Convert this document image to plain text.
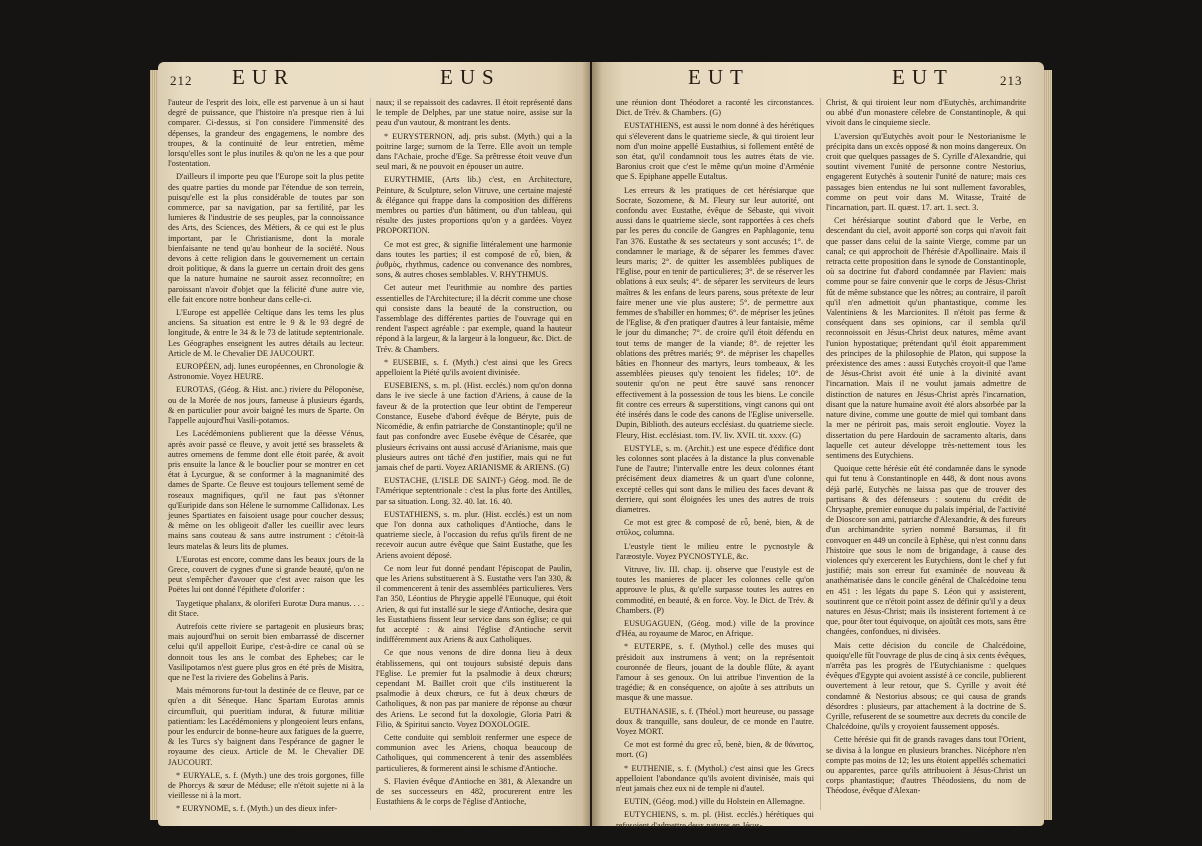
212 EUR	EUS

l'auteur de l'esprit des loix, elle est parvenue à un si haut degré de puissance, que l'histoire n'a presque rien à lui comparer. Ci-dessus, si l'on considere l'immensité des dépenses, la grandeur des engagemens, le nombre des troupes, & la continuité de leur entretien, même lorsqu'elles sont le plus inutiles & qu'on ne les a que pour l'ostentation.

D'ailleurs il importe peu que l'Europe soit la plus petite des quatre parties du monde par l'étendue de son terrein, puisqu'elle est la plus considérable de toutes par son commerce, par sa navigation, par sa fertilité, par les lumieres & l'industrie de ses peuples, par la connoissance des Arts, des Sciences, des Métiers, & ce qui est le plus important, par le Christianisme, dont la morale bienfaisante ne tend qu'au bonheur de la société. Nous devons à cette religion dans le gouvernement un certain droit politique, & dans la guerre un certain droit des gens que la nature humaine ne sauroit assez reconnoître; en paroissant n'avoir d'objet que la félicité d'une autre vie, elle fait encore notre bonheur dans celle-ci.

L'Europe est appellée Celtique dans les tems les plus anciens. Sa situation est entre le 9 & le 93 degré de longitude, & entre le 34 & le 73 de latitude septentrionale. Les Géographes enseignent les autres détails au lecteur. Article de M. le Chevalier DE JAUCOURT.

EUROPÉEN, adj. lunes européennes, en Chronologie & Astronomie. Voyez HEURE.

EUROTAS, (Géog. & Hist. anc.) riviere du Péloponèse, ou de la Morée de nos jours, fameuse à plusieurs égards, & en particulier pour avoir baigné les murs de Sparte. On l'appelle aujourd'hui Vasili-potamos.

Les Lacédémoniens publierent que la déesse Vénus, après avoir passé ce fleuve, y avoit jetté ses brasselets & autres ornemens de femme dont elle étoit parée, & avoit pris ensuite la lance & le bouclier pour se montrer en cet état à Lycurgue, & se conformer à la magnanimité des dames de Sparte. Ce fleuve est toujours tellement semé de roseaux magnifiques, qu'il ne faut pas s'étonner qu'Euripide dans son Hélene le surnomme Callidonax. Les jeunes Spartiates en faisoient usage pour coucher dessus; & même on les obligeoit d'aller les cueillir avec leurs mains sans couteau & sans autre instrument : c'étoit-là leurs matelas & leurs lits de plumes.

L'Eurotas est encore, comme dans les beaux jours de la Grece, couvert de cygnes d'une si grande beauté, qu'on ne peut s'empêcher d'avouer que c'est avec raison que les Poëtes lui ont donné l'épithete d'olorifer :

Taygetique phalanx, & oloriferi Eurotæ Dura manus. . . . dit Stace.

Autrefois cette riviere se partageoit en plusieurs bras; mais aujourd'hui on seroit bien embarrassé de discerner celui qu'il appelloit Euripe, c'est-à-dire ce canal où se donnoit tous les ans le combat des Ephebes; car le Vasilipotamos n'est guere plus gros en été près de Misitra, que ne l'est la riviere des Gobelins à Paris.

Mais mémorons fur-tout la destinée de ce fleuve, par ce qu'en a dit Séneque. Hanc Spartam Eurotas amnis circumfluit, qui pueritiam indurat, & futuræ militiæ patientiam: les Lacédémoniens y plongeoient leurs enfans, pour les endurcir de bonne-heure aux fatigues de la guerre, & les Turcs s'y baignent dans l'espérance de gagner le royaume des cieux. Article de M. le Chevalier DE JAUCOURT.

* EURYALE, s. f. (Myth.) une des trois gorgones, fille de Phorcys & sœur de Méduse; elle n'étoit sujette ni à la vieillesse ni à la mort.

* EURYNOME, s. f. (Myth.) un des dieux infer-

naux; il se repaissoit des cadavres. Il étoit représenté dans le temple de Delphes, par une statue noire, assise sur la peau d'un vautour, & montrant les dents.

* EURYSTERNON, adj. pris subst. (Myth.) qui a la poitrine large; surnom de la Terre. Elle avoit un temple dans l'Achaie, proche d'Ege. Sa prêtresse étoit veuve d'un seul mari, & ne pouvoit en épouser un autre.

EURYTHMIE, (Arts lib.) c'est, en Architecture, Peinture, & Sculpture, selon Vitruve, une certaine majesté & élégance qui frappe dans la composition des différens membres ou parties d'un bâtiment, ou d'un tableau, qui résulte des justes proportions qu'on y a gardées. Voyez PROPORTION.

Ce mot est grec, & signifie littéralement une harmonie dans toutes les parties; il est composé de εὖ, bien, & ῥυθμὸς, rhythmus, cadence ou convenance des nombres, sons, & autres choses semblables. V. RHYTHMUS.

Cet auteur met l'eurithmie au nombre des parties essentielles de l'Architecture; il la décrit comme une chose qui consiste dans la beauté de la construction, ou l'assemblage des différentes parties de l'ouvrage qui en rendent l'aspect agréable : par exemple, quand la hauteur répond à la largeur, & la largeur à la longueur, &c. Dict. de Trév. & Chambers.

* EUSEBIE, s. f. (Myth.) c'est ainsi que les Grecs appelloient la Piété qu'ils avoient divinisée.

EUSEBIENS, s. m. pl. (Hist. ecclés.) nom qu'on donna dans le ive siecle à une faction d'Ariens, à cause de la faveur & de la protection que leur obtint de l'empereur Constance, Eusebe d'abord évêque de Béryte, puis de Nicomédie, & enfin patriarche de Constantinople; qu'il ne faut pas confondre avec Eusebe évêque de Césarée, que plusieurs écrivains ont aussi accusé d'Arianisme, mais que plusieurs autres ont tâché d'en justifier, mais qui ne fut jamais chef de parti. Voyez ARIANISME & ARIENS. (G)

EUSTACHE, (L'ISLE DE SAINT-) Géog. mod. île de l'Amérique septentrionale : c'est la plus forte des Antilles, par sa situation. Long. 32. 40. lat. 16. 40.

EUSTATHIENS, s. m. plur. (Hist. ecclés.) est un nom que l'on donna aux catholiques d'Antioche, dans le quatrieme siecle, à l'occasion du refus qu'ils firent de ne recevoir aucun autre évêque que Saint Eustathe, que les Ariens avoient déposé.

Ce nom leur fut donné pendant l'épiscopat de Paulin, que les Ariens substituerent à S. Eustathe vers l'an 330, & il commencerent à tenir des assemblées particulieres. Vers l'an 350, Léontius de Phrygie appellé l'Eunuque, qui étoit Arien, & qui fut installé sur le siege d'Antioche, desira que les Eustathiens fissent leur service dans son église; ce qui fut accepté : & ainsi l'église d'Antioche servit indifféremment aux Ariens & aux Catholiques.

Ce que nous venons de dire donna lieu à deux établissemens, qui ont toujours subsisté depuis dans l'Eglise. Le premier fut la psalmodie à deux chœurs; cependant M. Baillet croit que c'ils instituerent la psalmodie à deux chœurs, ce fut à deux chœurs de Catholiques, & non pas par maniere de réponse au chœur des Ariens. Le second fut la doxologie, Gloria Patri & Filio, & Spiritui sancto. Voyez DOXOLOGIE.

Cette conduite qui sembloit renfermer une espece de communion avec les Ariens, choqua beaucoup de Catholiques, qui commencerent à tenir des assemblées particulieres, & formerent ainsi le schisme d'Antioche.

S. Flavien évêque d'Antioche en 381, & Alexandre un de ses successeurs en 482, procurerent entre les Eustathiens & le corps de l'église d'Antioche,

EUT	EUT	213

une réunion dont Théodoret a raconté les circonstances. Dict. de Trév. & Chambers. (G)

EUSTATHIENS, est aussi le nom donné à des hérétiques qui s'éleverent dans le quatrieme siecle, & qui tiroient leur nom d'un moine appellé Eustathius, si follement entêté de son état, qu'il condamnoit tous les autres états de vie. Baronius croit que c'est le même qu'un moine d'Arménie que S. Epiphane appelle Eutaltus.

Les erreurs & les pratiques de cet hérésiarque que Socrate, Sozomene, & M. Fleury sur leur autorité, ont confondu avec Eustathe, évêque de Sébaste, qui vivoit aussi dans le quatrieme siecle, sont rapportées à ces chefs par les peres du concile de Gangres en Paphlagonie, tenu l'an 376. Eustathe & ses sectateurs y sont accusés; 1°. de condamner le mariage, & de séparer les femmes d'avec leurs maris; 2°. de quitter les assemblées publiques de l'Eglise, pour en tenir de particulieres; 3°. de se réserver les oblations à eux seuls; 4°. de séparer les serviteurs de leurs maîtres & les enfans de leurs parens, sous prétexte de leur faire mener une vie plus austere; 5°. de permettre aux femmes de s'habiller en hommes; 6°. de mépriser les jeûnes de l'Eglise, & d'en pratiquer d'autres à leur fantaisie, même le jour du dimanche; 7°. de croire qu'il étoit défendu en tout tems de manger de la viande; 8°. de rejetter les oblations des prêtres mariés; 9°. de mépriser les chapelles bâties en l'honneur des martyrs, leurs tombeaux, & les assemblées pieuses qu'y tenoient les fideles; 10°. de soutenir qu'on ne peut être sauvé sans renoncer effectivement à la possession de tous les biens. Le concile fit contre ces erreurs & superstitions, vingt canons qui ont été insérés dans le code des canons de l'Eglise universelle. Dupin, Biblioth. des auteurs ecclésiast. du quatrieme siecle. Fleury, Hist. ecclésiast. tom. IV. liv. XVII. tit. xxxv. (G)

EUSTYLE, s. m. (Archit.) est une espece d'édifice dont les colonnes sont placées à la distance la plus convenable l'une de l'autre; l'intervalle entre les deux colonnes étant précisément deux diametres & un quart d'une colonne, excepté celles qui sont dans le milieu des faces devant & derriere, qui sont éloignées les unes des autres de trois diametres.

Ce mot est grec & composé de εὖ, benè, bien, & de στῦλος, columna.

L'eustyle tient le milieu entre le pycnostyle & l'aræostyle. Voyez PYCNOSTYLE, &c.

Vitruve, liv. III. chap. ij. observe que l'eustyle est de toutes les manieres de placer les colonnes celle qu'on approuve le plus, & qu'elle surpasse toutes les autres en commodité, en beauté, & en force. Voy. le Dict. de Trév. & Chambers. (P)

EUSUGAGUEN, (Géog. mod.) ville de la province d'Héa, au royaume de Maroc, en Afrique.

* EUTERPE, s. f. (Mythol.) celle des muses qui présidoit aux instrumens à vent; on la représentoit couronnée de fleurs, jouant de la double flûte, & ayant l'amour à ses genoux. On lui attribue l'invention de la tragédie; & en conséquence, on ajoûte à ses attributs un masque & une massue.

EUTHANASIE, s. f. (Théol.) mort heureuse, ou passage doux & tranquille, sans douleur, de ce monde en l'autre. Voyez MORT.

Ce mot est formé du grec εὖ, benè, bien, & de θάνατος, mort. (G)

* EUTHENIE, s. f. (Mythol.) c'est ainsi que les Grecs appelloient l'abondance qu'ils avoient divinisée, mais qui n'eut jamais chez eux ni de temple ni d'autel.

EUTIN, (Géog. mod.) ville du Holstein en Allemagne.

EUTYCHIENS, s. m. pl. (Hist. ecclés.) hérétiques qui refusoient d'admettre deux natures en Jésus-

Christ, & qui tiroient leur nom d'Eutychès, archimandrite ou abbé d'un monastere célebre de Constantinople, & qui vivoit dans le cinquieme siecle.

L'aversion qu'Eutychès avoit pour le Nestorianisme le précipita dans un excès opposé & non moins dangereux. On croit que quelques passages de S. Cyrille d'Alexandrie, qui soutint vivement l'unité de personne contre Nestorius, engagerent Eutychès à soutenir l'unité de nature; mais ces passages bien entendus ne lui sont nullement favorables, comme on peut voir dans M. Witasse, Traité de l'incarnation, part. II. quæst. 17. art. 1. sect. 3.

Cet hérésiarque soutint d'abord que le Verbe, en descendant du ciel, avoit apporté son corps qui n'avoit fait que passer dans celui de la sainte Vierge, comme par un canal; ce qui approchoit de l'hérésie d'Apollinaire. Mais il retracta cette proposition dans le synode de Constantinople, où sa doctrine fut d'abord condamnée par Flavien: mais comme pour se faire convenir que le corps de Jésus-Christ fût de même substance que les nôtres; au contraire, il paroît qu'il n'en admettoit qu'un phantastique, comme les Valentiniens & les Marcionites. Il n'étoit pas ferme & conséquent dans ses opinions, car il sembla qu'il reconnoissoit en Jésus-Christ deux natures, même avant l'union hypostatique; prétendant qu'il étoit apparemment des principes de la philosophie de Platon, qui suppose la préexistence des ames : aussi Eutychès croyoit-il que l'ame de Jésus-Christ avoit été unie à la divinité avant l'incarnation. Mais il ne voulut jamais admettre de distinction de natures en Jésus-Christ après l'incarnation, disant que la nature humaine avoit été alors absorbée par la nature divine, comme une goutte de miel qui tombant dans la mer ne périroit pas, mais seroit engloutie. Voyez la dissertation du pere Hardouin de sacramento altaris, dans laquelle cet auteur développe très-nettement tous les sentimens des Eutychiens.

Quoique cette hérésie eût été condamnée dans le synode qui fut tenu à Constantinople en 448, & dont nous avons déjà parlé, Eutychès ne laissa pas que de trouver des partisans & des défenseurs : soutenu du crédit de Chrysaphe, premier eunuque du palais impérial, de l'activité de Dioscore son ami, patriarche d'Alexandrie, & des fureurs d'un archimandrite syrien nommé Barsumas, il fit convoquer en 449 un concile à Ephèse, qui n'est connu dans l'histoire que sous le nom de brigandage, à cause des violences qu'y exercerent les Eutychiens, dont le chef y fut justifié; mais son erreur fut examinée de nouveau & anathématisée dans le concile général de Chalcédoine tenu en 451 : les légats du pape S. Léon qui y assisterent, soutinrent que ce n'étoit point assez de définir qu'il y a deux natures en Jésus-Christ; mais ils insisterent fortement à ce que, pour ôter tout équivoque, on ajoûtât ces mots, sans être changées, confondues, ni divisées.

Mais cette décision du concile de Chalcédoine, quoiqu'elle fût l'ouvrage de plus de cinq à six cents évêques, n'arrêta pas les progrès de l'Eutychianisme : quelques évêques d'Egypte qui avoient assisté à ce concile, publierent ouvertement à leur retour, que S. Cyrille y avoit été condamné & Nestorius absous; ce qui causa de grands désordres : plusieurs, par attachement à la doctrine de S. Cyrille, refuserent de se soumettre aux decrets du concile de Chalcédoine, qu'ils y croyoient faussement opposés.

Cette hérésie qui fit de grands ravages dans tout l'Orient, se divisa à la longue en plusieurs branches. Nicéphore n'en compte pas moins de 12; les uns étoient appellés schematici ou apparentes, parce qu'ils attribuoient à Jésus-Christ un corps phantastique; d'autres Théodosiens, du nom de Théodose, évêque d'Alexan-
